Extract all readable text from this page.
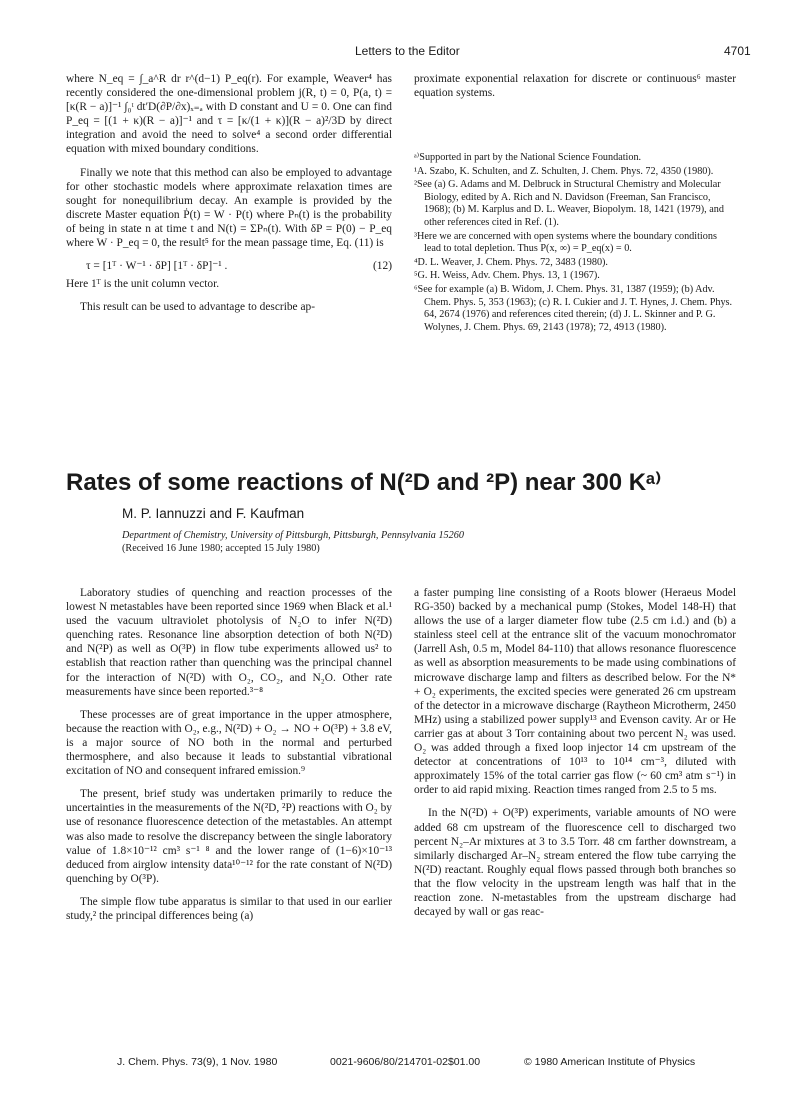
Letters to the Editor	4701

where N_eq = ∫_a^R dr r^(d−1) P_eq(r). For example, Weaver⁴ has recently considered the one-dimensional problem j(R, t) = 0, P(a, t) = [κ(R − a)]⁻¹ ∫₀ᵗ dt′D(∂P/∂x)ₓ₌ₐ with D constant and U = 0. One can find P_eq = [(1 + κ)(R − a)]⁻¹ and τ = [κ/(1 + κ)](R − a)²/3D by direct integration and avoid the need to solve⁴ a second order differential equation with mixed boundary conditions.

Finally we note that this method can also be employed to advantage for other stochastic models where approximate relaxation times are sought for nonequilibrium decay. An example is provided by the discrete Master equation Ṗ(t) = W · P(t) where Pₙ(t) is the probability of being in state n at time t and N(t) = ΣPₙ(t). With δP = P(0) − P_eq where W · P_eq = 0, the result⁵ for the mean passage time, Eq. (11) is

τ = [1ᵀ · W⁻¹ · δP] [1ᵀ · δP]⁻¹ .	(12)

Here 1ᵀ is the unit column vector.

This result can be used to advantage to describe ap-

proximate exponential relaxation for discrete or continuous⁶ master equation systems.

ᵃ⁾Supported in part by the National Science Foundation.
¹A. Szabo, K. Schulten, and Z. Schulten, J. Chem. Phys. 72, 4350 (1980).
²See (a) G. Adams and M. Delbruck in Structural Chemistry and Molecular Biology, edited by A. Rich and N. Davidson (Freeman, San Francisco, 1968); (b) M. Karplus and D. L. Weaver, Biopolym. 18, 1421 (1979), and other references cited in Ref. (1).
³Here we are concerned with open systems where the boundary conditions lead to total depletion. Thus P(x, ∞) = P_eq(x) = 0.
⁴D. L. Weaver, J. Chem. Phys. 72, 3483 (1980).
⁵G. H. Weiss, Adv. Chem. Phys. 13, 1 (1967).
⁶See for example (a) B. Widom, J. Chem. Phys. 31, 1387 (1959); (b) Adv. Chem. Phys. 5, 353 (1963); (c) R. I. Cukier and J. T. Hynes, J. Chem. Phys. 64, 2674 (1976) and references cited therein; (d) J. L. Skinner and P. G. Wolynes, J. Chem. Phys. 69, 2143 (1978); 72, 4913 (1980).
Rates of some reactions of N(²D and ²P) near 300 Kᵃ⁾
M. P. Iannuzzi and F. Kaufman
Department of Chemistry, University of Pittsburgh, Pittsburgh, Pennsylvania 15260
(Received 16 June 1980; accepted 15 July 1980)

Laboratory studies of quenching and reaction processes of the lowest N metastables have been reported since 1969 when Black et al.¹ used the vacuum ultraviolet photolysis of N₂O to infer N(²D) quenching rates. Resonance line absorption detection of both N(²D) and N(²P) as well as O(³P) in flow tube experiments allowed us² to establish that reaction rather than quenching was the principal channel for the interaction of N(²D) with O₂, CO₂, and N₂O. Other rate measurements have since been reported.³⁻⁸

These processes are of great importance in the upper atmosphere, because the reaction with O₂, e.g., N(²D) + O₂ → NO + O(³P) + 3.8 eV, is a major source of NO both in the normal and perturbed thermosphere, and also because it leads to substantial vibrational excitation of NO and consequent infrared emission.⁹

The present, brief study was undertaken primarily to reduce the uncertainties in the measurements of the N(²D, ²P) reactions with O₂ by use of resonance fluorescence detection of the metastables. An attempt was also made to resolve the discrepancy between the single laboratory value of 1.8×10⁻¹² cm³ s⁻¹ ⁸ and the lower range of (1−6)×10⁻¹³ deduced from airglow intensity data¹⁰⁻¹² for the rate constant of N(²D) quenching by O(³P).

The simple flow tube apparatus is similar to that used in our earlier study,² the principal differences being (a)

a faster pumping line consisting of a Roots blower (Heraeus Model RG-350) backed by a mechanical pump (Stokes, Model 148-H) that allows the use of a larger diameter flow tube (2.5 cm i.d.) and (b) a stainless steel cell at the entrance slit of the vacuum monochromator (Jarrell Ash, 0.5 m, Model 84-110) that allows resonance fluorescence as well as absorption measurements to be made using combinations of microwave discharge lamp and filters as described below. For the N* + O₂ experiments, the excited species were generated 26 cm upstream of the detector in a microwave discharge (Raytheon Microtherm, 2450 MHz) using a stabilized power supply¹³ and Evenson cavity. Ar or He carrier gas at about 3 Torr containing about two percent N₂ was used. O₂ was added through a fixed loop injector 14 cm upstream of the detector at concentrations of 10¹³ to 10¹⁴ cm⁻³, diluted with approximately 15% of the total carrier gas flow (~ 60 cm³ atm s⁻¹) in order to aid rapid mixing. Reaction times ranged from 2.5 to 5 ms.

In the N(²D) + O(³P) experiments, variable amounts of NO were added 68 cm upstream of the fluorescence cell to discharged two percent N₂–Ar mixtures at 3 to 3.5 Torr. 48 cm farther downstream, a similarly discharged Ar–N₂ stream entered the flow tube carrying the N(²D) reactant. Roughly equal flows passed through both branches so that the flow velocity in the upstream length was half that in the reaction zone. N-metastables from the upstream discharge had decayed by wall or gas reac-

J. Chem. Phys. 73(9), 1 Nov. 1980	0021-9606/80/214701-02$01.00	© 1980 American Institute of Physics
